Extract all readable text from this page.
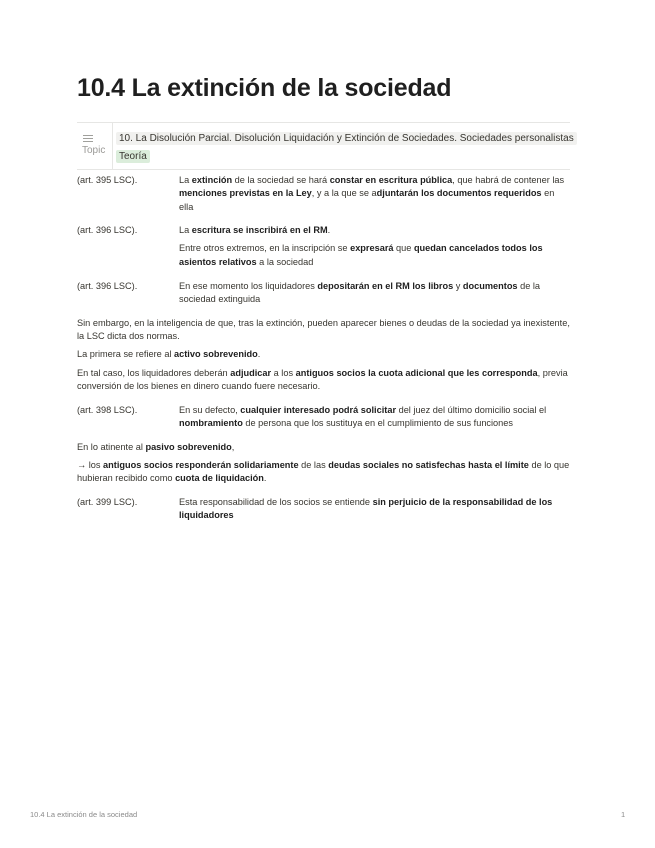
10.4 La extinción de la sociedad
Topic
10. La Disolución Parcial. Disolución Liquidación y Extinción de Sociedades. Sociedades personalistas
Teoría
(art. 395 LSC).	La extinción de la sociedad se hará constar en escritura pública, que habrá de contener las menciones previstas en la Ley, y a la que se adjuntarán los documentos requeridos en ella
(art. 396 LSC).	La escritura se inscribirá en el RM.
Entre otros extremos, en la inscripción se expresará que quedan cancelados todos los asientos relativos a la sociedad
(art. 396 LSC).	En ese momento los liquidadores depositarán en el RM los libros y documentos de la sociedad extinguida

Sin embargo, en la inteligencia de que, tras la extinción, pueden aparecer bienes o deudas de la sociedad ya inexistente, la LSC dicta dos normas.

La primera se refiere al activo sobrevenido.

En tal caso, los liquidadores deberán adjudicar a los antiguos socios la cuota adicional que les corresponda, previa conversión de los bienes en dinero cuando fuere necesario.

(art. 398 LSC).	En su defecto, cualquier interesado podrá solicitar del juez del último domicilio social el nombramiento de persona que los sustituya en el cumplimiento de sus funciones

En lo atinente al pasivo sobrevenido,

→ los antiguos socios responderán solidariamente de las deudas sociales no satisfechas hasta el límite de lo que hubieran recibido como cuota de liquidación.

(art. 399 LSC).	Esta responsabilidad de los socios se entiende sin perjuicio de la responsabilidad de los liquidadores
10.4 La extinción de la sociedad	1
